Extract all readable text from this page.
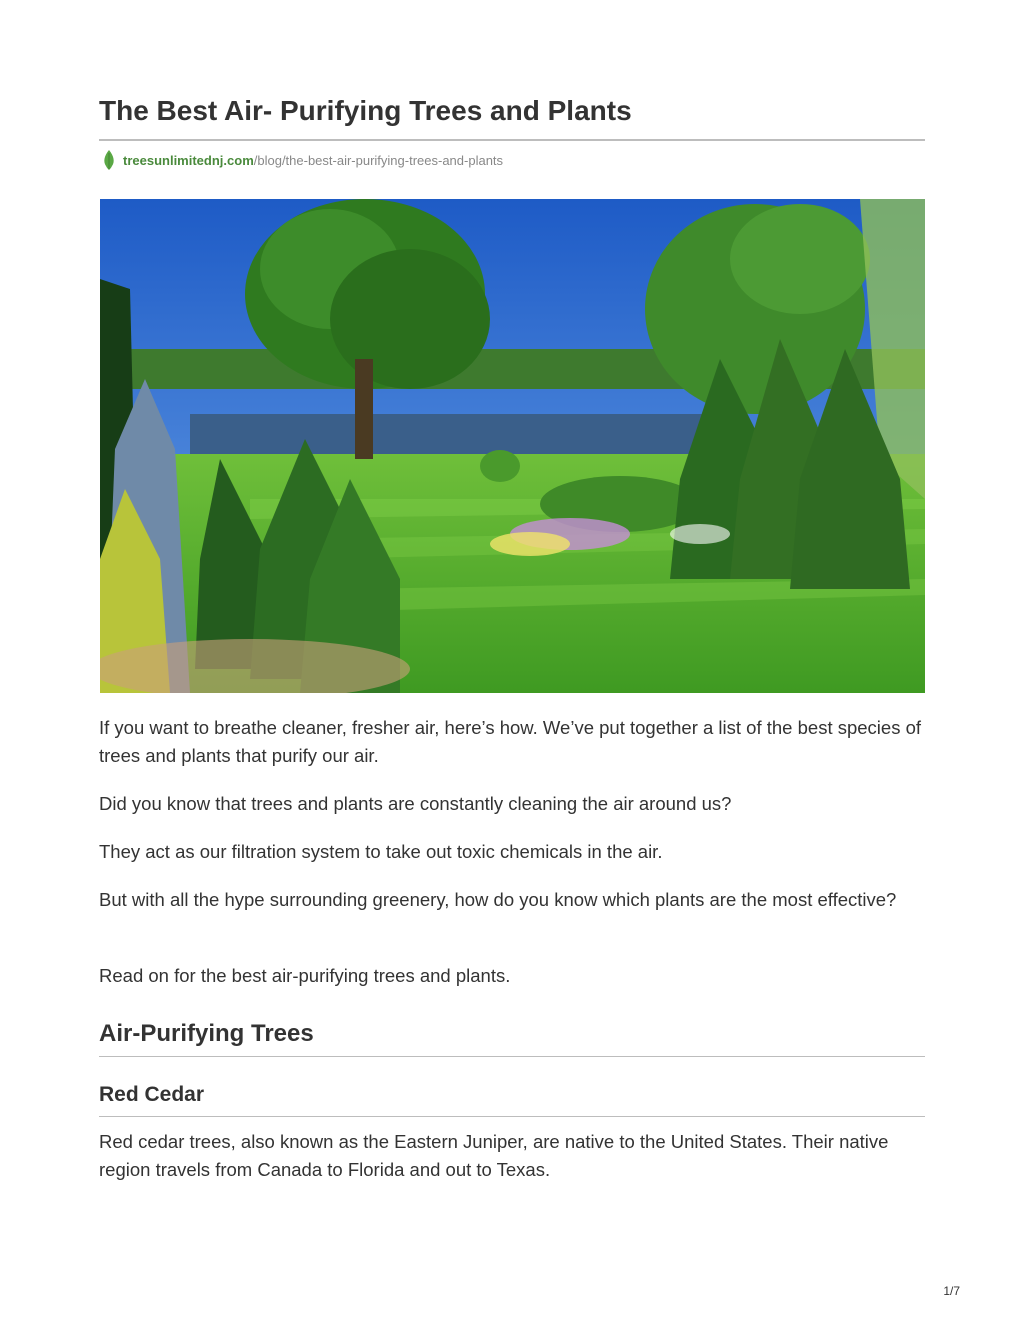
The Best Air- Purifying Trees and Plants
treesunlimitednj.com /blog/the-best-air-purifying-trees-and-plants

If you want to breathe cleaner, fresher air, here’s how. We’ve put together a list of the best species of trees and plants that purify our air.

Did you know that trees and plants are constantly cleaning the air around us?

They act as our filtration system to take out toxic chemicals in the air.

But with all the hype surrounding greenery, how do you know which plants are the most effective?

Read on for the best air-purifying trees and plants.

Air-Purifying Trees
Red Cedar

Red cedar trees, also known as the Eastern Juniper, are native to the United States. Their native region travels from Canada to Florida and out to Texas.

1/7
